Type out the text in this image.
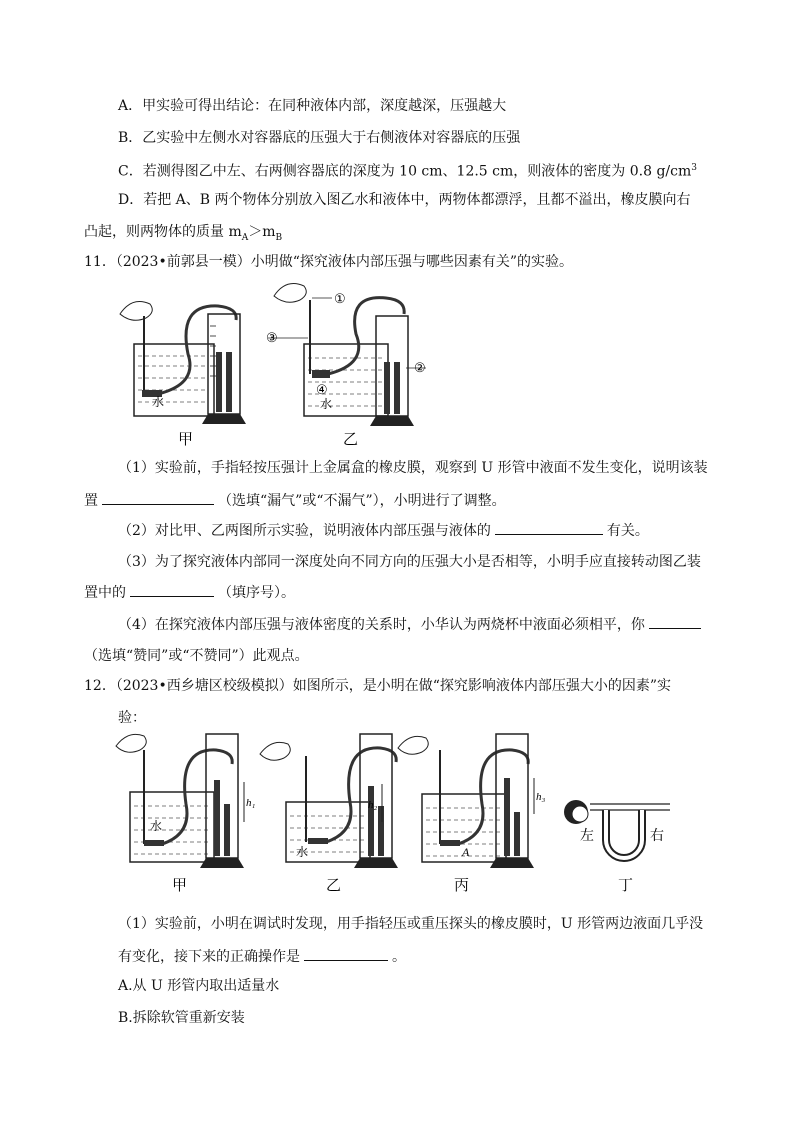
A．甲实验可得出结论：在同种液体内部，深度越深，压强越大
B．乙实验中左侧水对容器底的压强大于右侧液体对容器底的压强
C．若测得图乙中左、右两侧容器底的深度为 10 cm、12.5 cm，则液体的密度为 0.8 $g/cm^3$
D．若把 A、B 两个物体分别放入图乙水和液体中，两物体都漂浮，且都不溢出，橡皮膜向右
凸起，则两物体的质量 $m_A>m_B$
11．（2023•前郭县一模）小明做“探究液体内部压强与哪些因素有关”的实验。
水
甲
水
乙
①
③
②
④
（1）实验前，手指轻按压强计上金属盒的橡皮膜，观察到 U 形管中液面不发生变化，说明该装
置	（选填“漏气”或“不漏气”），小明进行了调整。
（2）对比甲、乙两图所示实验，说明液体内部压强与液体的	有关。
（3）为了探究液体内部同一深度处向不同方向的压强大小是否相等，小明手应直接转动图乙装
置中的	（填序号）。
（4）在探究液体内部压强与液体密度的关系时，小华认为两烧杯中液面必须相平，你
（选填“赞同”或“不赞同”）此观点。
12．（2023•西乡塘区校级模拟）如图所示，是小明在做“探究影响液体内部压强大小的因素”实
验：
h₁
水
甲
h₂
水
乙
h₃
A
丙
左	右
丁
（1）实验前，小明在调试时发现，用手指轻压或重压探头的橡皮膜时，U 形管两边液面几乎没
有变化，接下来的正确操作是	。
A.从 U 形管内取出适量水
B.拆除软管重新安装
